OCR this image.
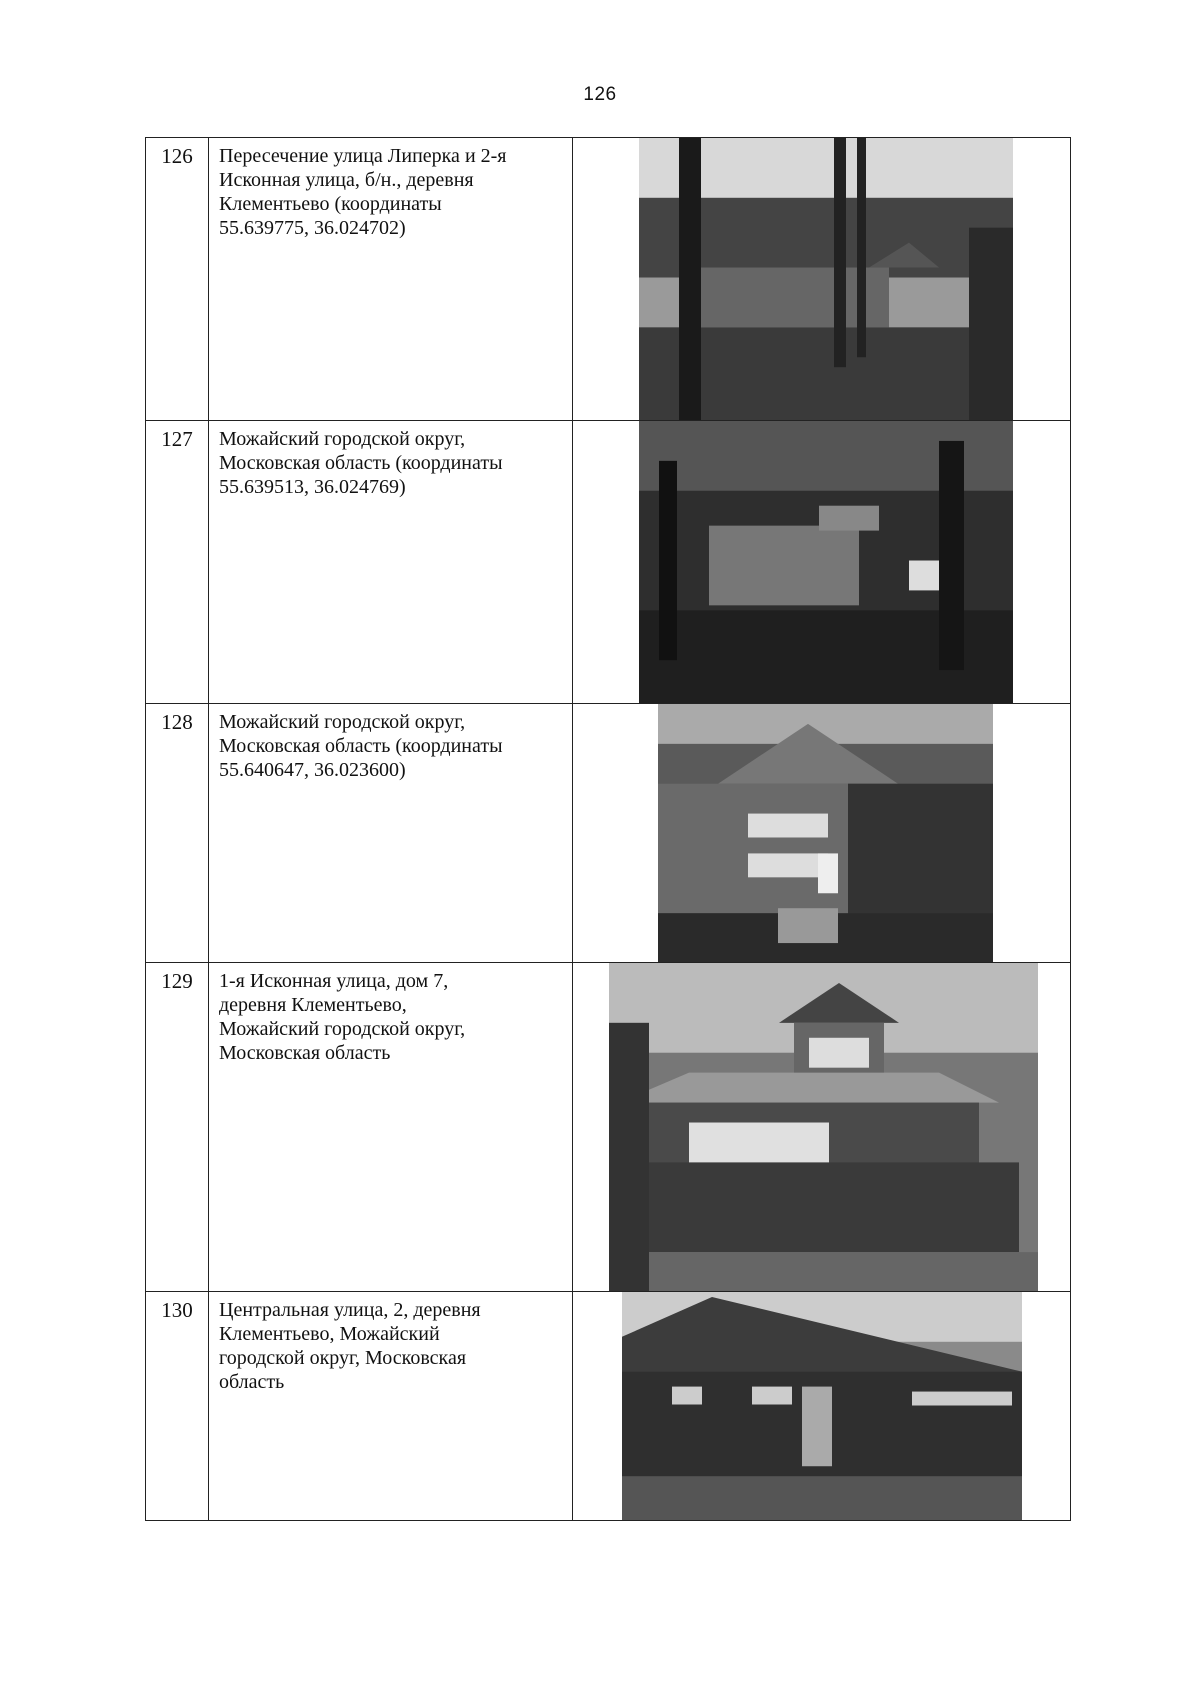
126
126	Пересечение улица Липерка и 2-я
Исконная улица, б/н., деревня
Клементьево (координаты
55.639775, 36.024702)

127	Можайский городской округ,
Московская область (координаты
55.639513, 36.024769)

128	Можайский городской округ,
Московская область (координаты
55.640647, 36.023600)

129	1-я Исконная улица, дом 7,
деревня Клементьево,
Можайский городской округ,
Московская область

130	Центральная улица, 2, деревня
Клементьево, Можайский
городской округ, Московская
область
